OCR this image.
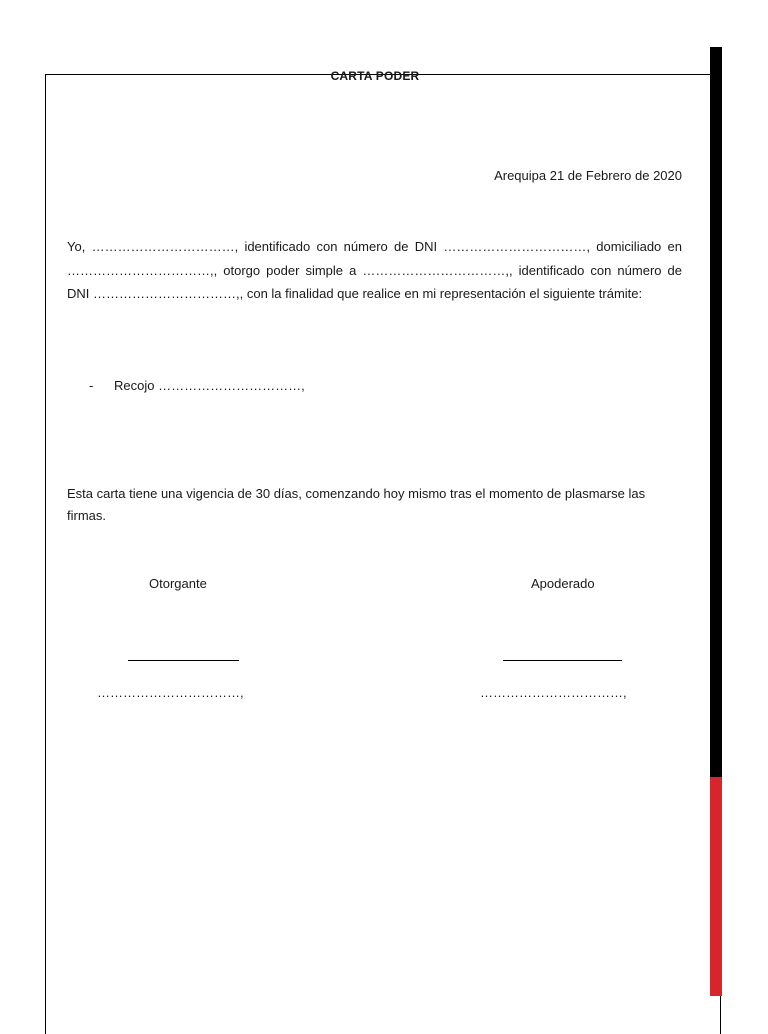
CARTA PODER
Arequipa 21 de Febrero de 2020
Yo, ……………………………, identificado con número de DNI ……………………………, domiciliado en ……………………………,, otorgo poder simple a ……………………………,, identificado con número de DNI ……………………………,, con la finalidad que realice en mi representación el siguiente trámite:
- Recojo ……………………………,
Esta carta tiene una vigencia de 30 días, comenzando hoy mismo tras el momento de plasmarse las firmas.
Otorgante	Apoderado
……………………………,	……………………………,
